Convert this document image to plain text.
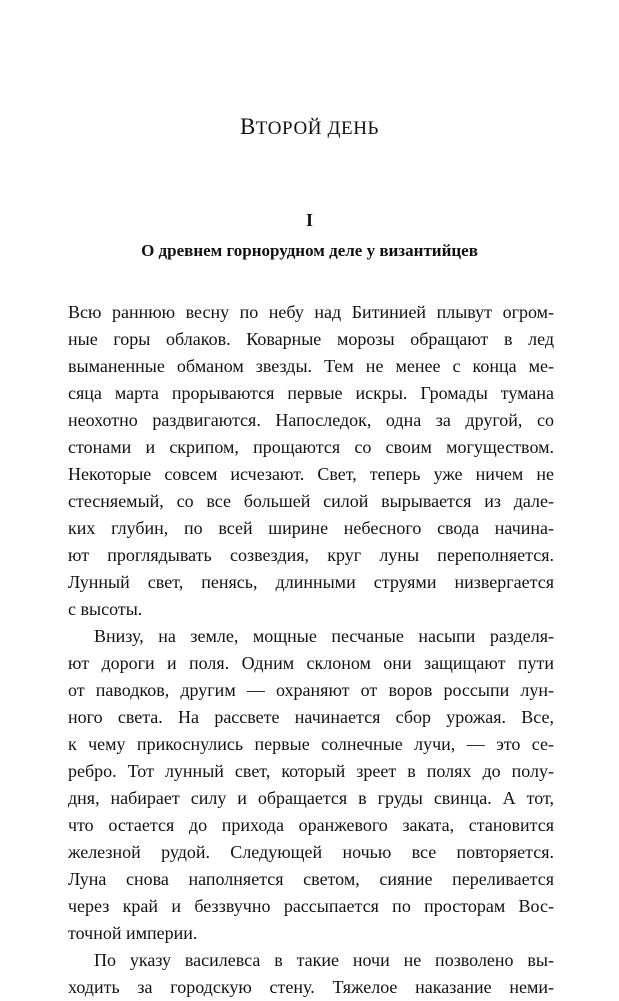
ВТОРОЙ ДЕНЬ
I
О древнем горнорудном деле у византийцев
Всю раннюю весну по небу над Битинией плывут огром-
ные горы облаков. Коварные морозы обращают в лед
выманенные обманом звезды. Тем не менее с конца ме-
сяца марта прорываются первые искры. Громады тумана
неохотно раздвигаются. Напоследок, одна за другой, со
стонами и скрипом, прощаются со своим могуществом.
Некоторые совсем исчезают. Свет, теперь уже ничем не
стесняемый, со все большей силой вырывается из далe-
ких глубин, по всей ширине небесного свода начина-
ют проглядывать созвездия, круг луны переполняется.
Лунный свет, пенясь, длинными струями низвергается
с высоты.
Внизу, на земле, мощные песчаные насыпи разделя-
ют дороги и поля. Одним склоном они защищают пути
от паводков, другим — охраняют от воров россыпи лун-
ного света. На рассвете начинается сбор урожая. Все,
к чему прикоснулись первые солнечные лучи, — это се-
ребро. Тот лунный свет, который зреет в полях до полу-
дня, набирает силу и обращается в груды свинца. А тот,
что остается до прихода оранжевого заката, становится
железной рудой. Следующей ночью все повторяется.
Луна снова наполняется светом, сияние переливается
через край и беззвучно рассыпается по просторам Вос-
точной империи.
По указу василевса в такие ночи не позволено вы-
ходить за городскую стену. Тяжелое наказание неми-
